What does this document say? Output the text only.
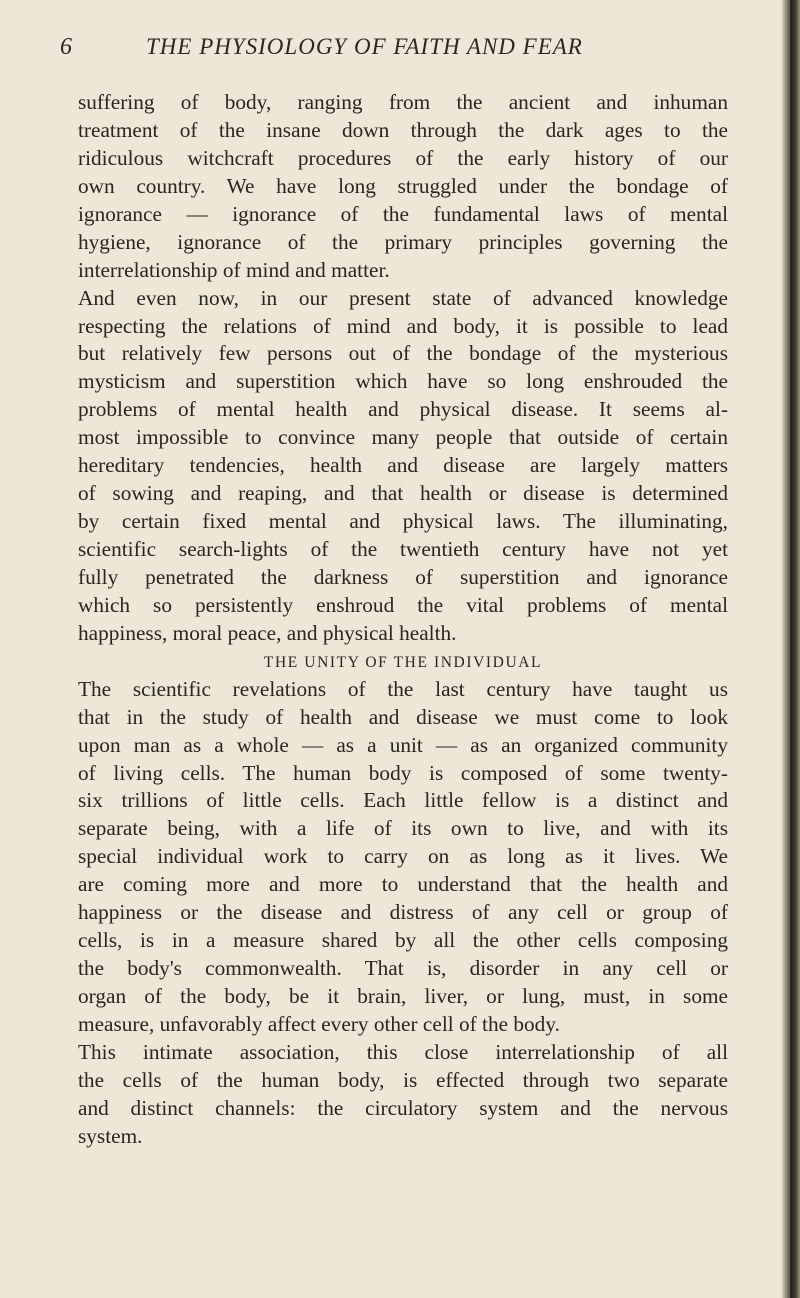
6	THE PHYSIOLOGY OF FAITH AND FEAR
suffering of body, ranging from the ancient and inhuman
treatment of the insane down through the dark ages to the
ridiculous witchcraft procedures of the early history of our
own country. We have long struggled under the bondage of
ignorance — ignorance of the fundamental laws of mental
hygiene, ignorance of the primary principles governing the
interrelationship of mind and matter.
And even now, in our present state of advanced knowledge
respecting the relations of mind and body, it is possible to lead
but relatively few persons out of the bondage of the mysterious
mysticism and superstition which have so long enshrouded the
problems of mental health and physical disease. It seems al-
most impossible to convince many people that outside of certain
hereditary tendencies, health and disease are largely matters
of sowing and reaping, and that health or disease is determined
by certain fixed mental and physical laws. The illuminating,
scientific search-lights of the twentieth century have not yet
fully penetrated the darkness of superstition and ignorance
which so persistently enshroud the vital problems of mental
happiness, moral peace, and physical health.
THE UNITY OF THE INDIVIDUAL
The scientific revelations of the last century have taught us
that in the study of health and disease we must come to look
upon man as a whole — as a unit — as an organized community
of living cells. The human body is composed of some twenty-
six trillions of little cells. Each little fellow is a distinct and
separate being, with a life of its own to live, and with its
special individual work to carry on as long as it lives. We
are coming more and more to understand that the health and
happiness or the disease and distress of any cell or group of
cells, is in a measure shared by all the other cells composing
the body's commonwealth. That is, disorder in any cell or
organ of the body, be it brain, liver, or lung, must, in some
measure, unfavorably affect every other cell of the body.
This intimate association, this close interrelationship of all
the cells of the human body, is effected through two separate
and distinct channels: the circulatory system and the nervous
system.
